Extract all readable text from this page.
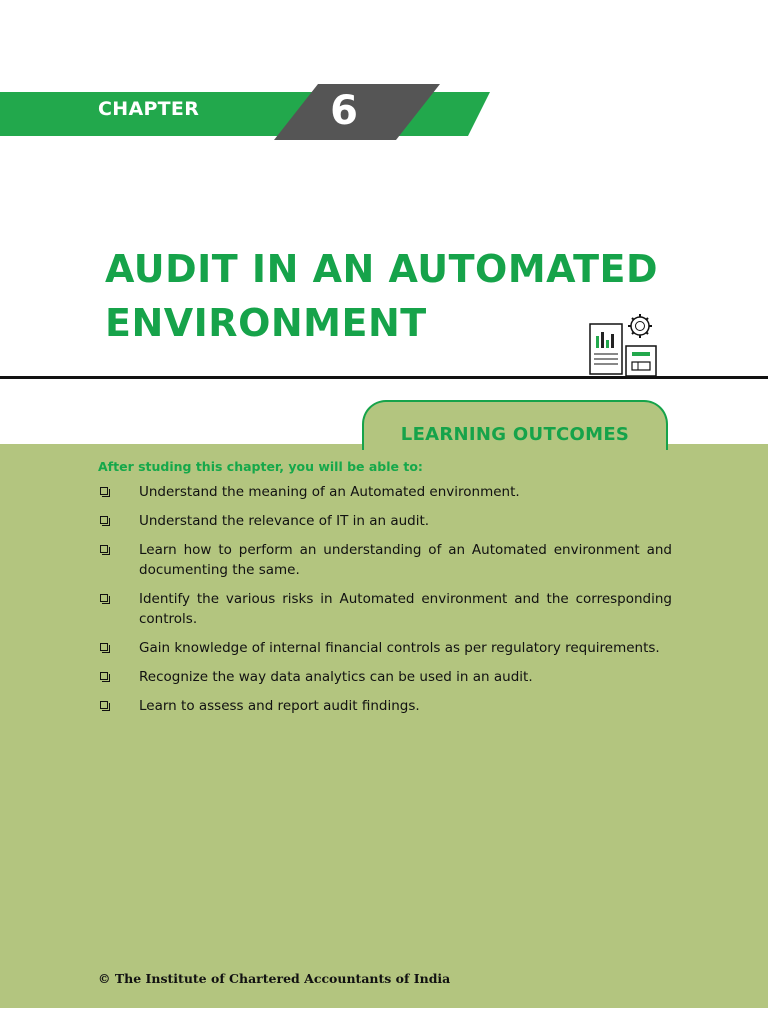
CHAPTER	6
AUDIT IN AN AUTOMATED
ENVIRONMENT
LEARNING OUTCOMES

After studing this chapter, you will be able to:

Understand the meaning of an Automated environment.
Understand the relevance of IT in an audit.
Learn how to perform an understanding of an Automated environment and documenting the same.
Identify the various risks in Automated environment and the corresponding controls.
Gain knowledge of internal financial controls as per regulatory requirements.
Recognize the way data analytics can be used in an audit.
Learn to assess and report audit findings.

© The Institute of Chartered Accountants of India
